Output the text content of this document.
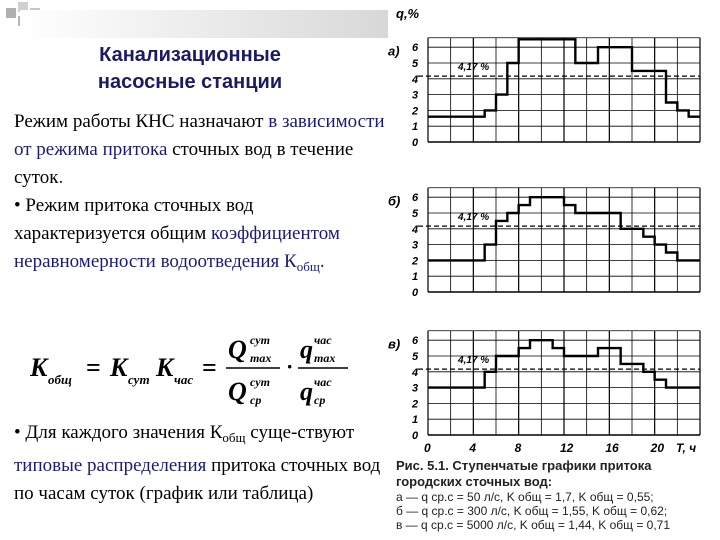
Канализационные
насосные станции
Режим работы КНС назначают в зависимости от режима притока сточных вод в течение суток.
• Режим притока сточных вод характеризуется общим коэффициентом неравномерности водоотведения $К_{общ}$.
K общ = K сут K час =
Q сут
max
Q сут
ср
·
q час
max
q час
ср
• Для каждого значения $К_{общ}$ суще-ствуют типовые распределения притока сточных вод по часам суток (график или таблица)
q,%
0
1
2
3
4
5
6
а)
4,17 %
0
1
2
3
4
5
6
б)
4,17 %
0
1
2
3
4
5
6
в)
4,17 %
0	4	8	12	16	20 T, ч
Рис. 5.1. Ступенчатые графики притока городских сточных вод:
а — q ср.с = 50 л/с, K общ = 1,7, K общ = 0,55;
б — q ср.с = 300 л/с, K общ = 1,55, K общ = 0,62;
в — q ср.с = 5000 л/с, K общ = 1,44, K общ = 0,71
